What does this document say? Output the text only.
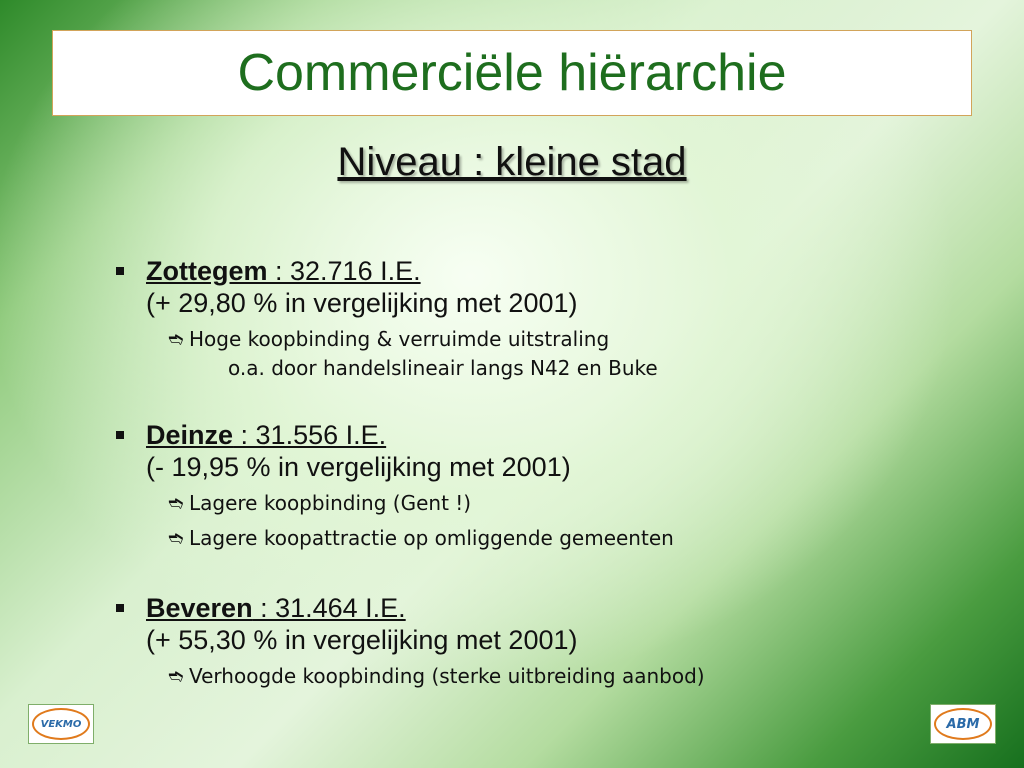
Commerciële hiërarchie
Niveau : kleine stad
Zottegem : 32.716 I.E.
(+ 29,80 % in vergelijking met 2001)
➬ Hoge koopbinding & verruimde uitstraling
o.a. door handelslineair langs N42 en Buke
Deinze : 31.556 I.E.
(- 19,95 % in vergelijking met 2001)
➬ Lagere koopbinding (Gent !)
➬ Lagere koopattractie op omliggende gemeenten
Beveren : 31.464 I.E.
(+ 55,30 % in vergelijking met 2001)
➬ Verhoogde koopbinding (sterke uitbreiding aanbod)
VEKMO	ABM
